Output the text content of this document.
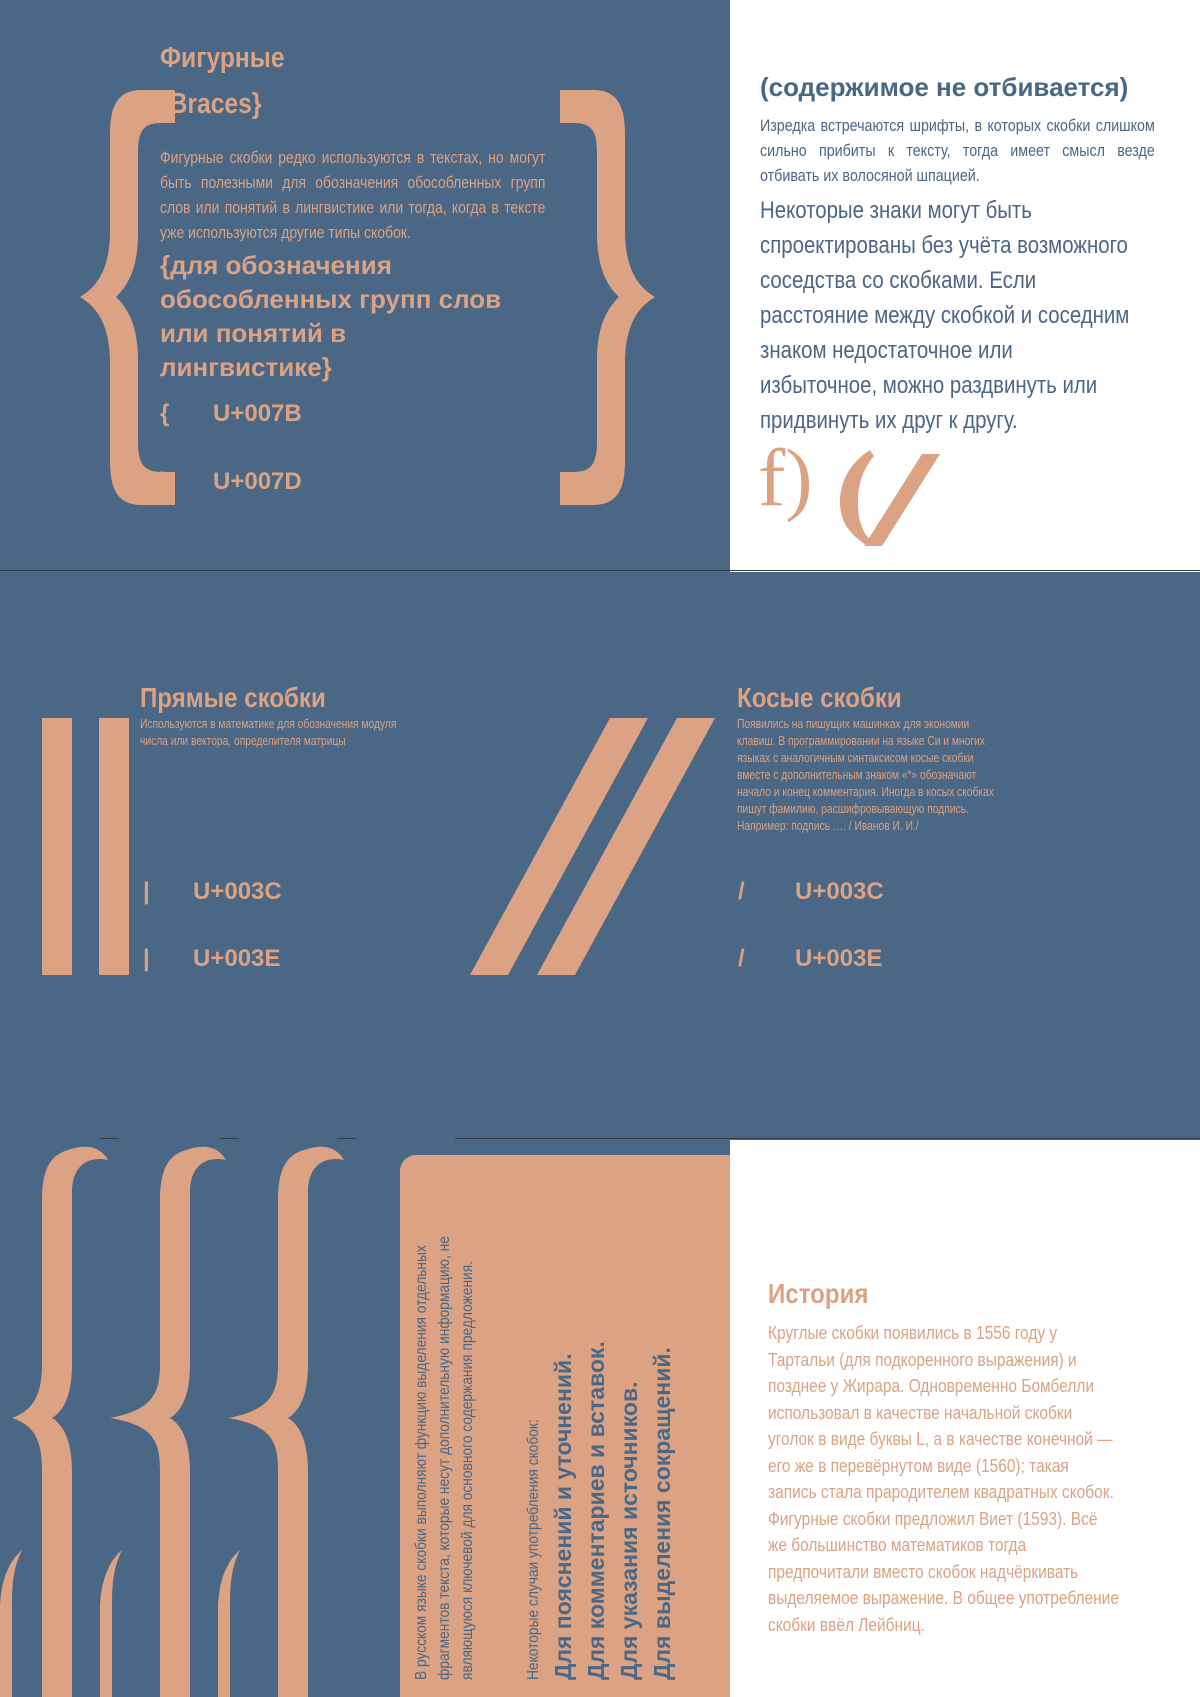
Фигурные
{Braces}
Фигурные скобки редко используются в текстах, но могут быть полезными для обозначения обособленных групп слов или понятий в лингвистике или тогда, когда в тексте уже используются другие типы скобок.
{для обозначения обособленных групп слов или понятий в лингвистике}
{ U+007B
} U+007D
(содержимое не отбивается)
Изредка встречаются шрифты, в которых скобки слишком сильно прибиты к тексту, тогда имеет смысл везде отбивать их волосяной шпацией.
Некоторые знаки могут быть спроектированы без учёта возможного соседства со скобками. Если расстояние между скобкой и соседним знаком недостаточное или избыточное, можно раздвинуть или придвинуть их друг к другу.
f)
Прямые скобки
Используются в математике для обозначения модуля числа или вектора, определителя матрицы
| U+003C
| U+003E
Косые скобки
Появились на пишущих машинках для экономии клавиш. В программировании на языке Си и многих языках с аналогичным синтаксисом косые скобки вместе с дополнительным знаком «*» обозначают начало и конец комментария. Иногда в косых скобках пишут фамилию, расшифровывающую подпись. Например: подпись …. / Иванов И. И./
/ U+003C
/ U+003E
В русском языке скобки выполняют функцию выделения отдельных фрагментов текста, которые несут дополнительную информацию, не являющуюся ключевой для основного содержания предложения.	Некоторые случаи употребления скобок: Для пояснений и уточнений. Для комментариев и вставок. Для указания источников. Для выделения сокращений.
История
Круглые скобки появились в 1556 году у Тартальи (для подкоренного выражения) и позднее у Жирара. Одновременно Бомбелли использовал в качестве начальной скобки уголок в виде буквы L, а в качестве конечной — его же в перевёрнутом виде (1560); такая запись стала прародителем квадратных скобок. Фигурные скобки предложил Виет (1593). Всё же большинство математиков тогда предпочитали вместо скобок надчёркивать выделяемое выражение. В общее употребление скобки ввёл Лейбниц.
